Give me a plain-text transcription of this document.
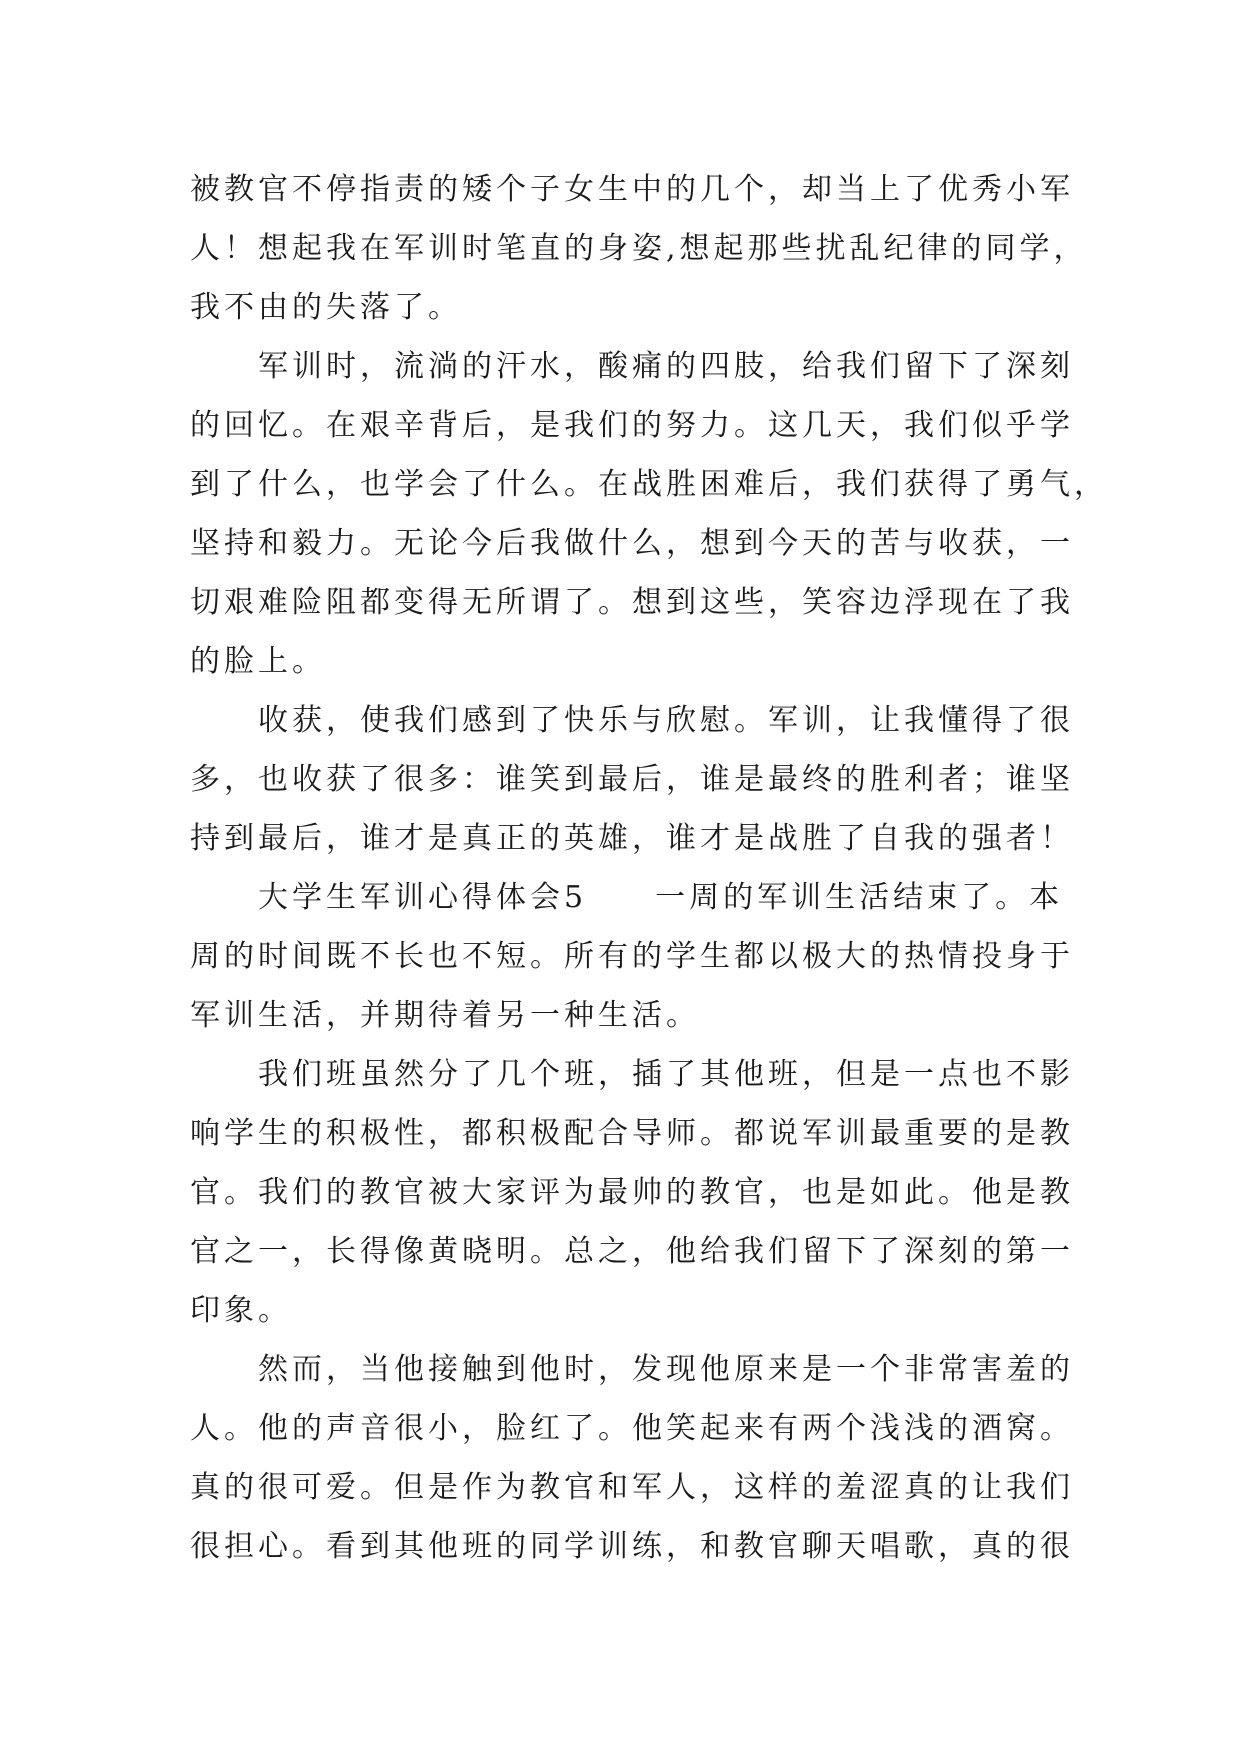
被教官不停指责的矮个子女生中的几个，却当上了优秀小军
人！想起我在军训时笔直的身姿,想起那些扰乱纪律的同学，
我不由的失落了。
军训时，流淌的汗水，酸痛的四肢，给我们留下了深刻
的回忆。在艰辛背后，是我们的努力。这几天，我们似乎学
到了什么，也学会了什么。在战胜困难后，我们获得了勇气，
坚持和毅力。无论今后我做什么，想到今天的苦与收获，一
切艰难险阻都变得无所谓了。想到这些，笑容边浮现在了我
的脸上。
收获，使我们感到了快乐与欣慰。军训，让我懂得了很
多，也收获了很多：谁笑到最后，谁是最终的胜利者；谁坚
持到最后，谁才是真正的英雄，谁才是战胜了自我的强者！
大学生军训心得体会5　　一周的军训生活结束了。本
周的时间既不长也不短。所有的学生都以极大的热情投身于
军训生活，并期待着另一种生活。
我们班虽然分了几个班，插了其他班，但是一点也不影
响学生的积极性，都积极配合导师。都说军训最重要的是教
官。我们的教官被大家评为最帅的教官，也是如此。他是教
官之一，长得像黄晓明。总之，他给我们留下了深刻的第一
印象。
然而，当他接触到他时，发现他原来是一个非常害羞的
人。他的声音很小，脸红了。他笑起来有两个浅浅的酒窝。
真的很可爱。但是作为教官和军人，这样的羞涩真的让我们
很担心。看到其他班的同学训练，和教官聊天唱歌，真的很
